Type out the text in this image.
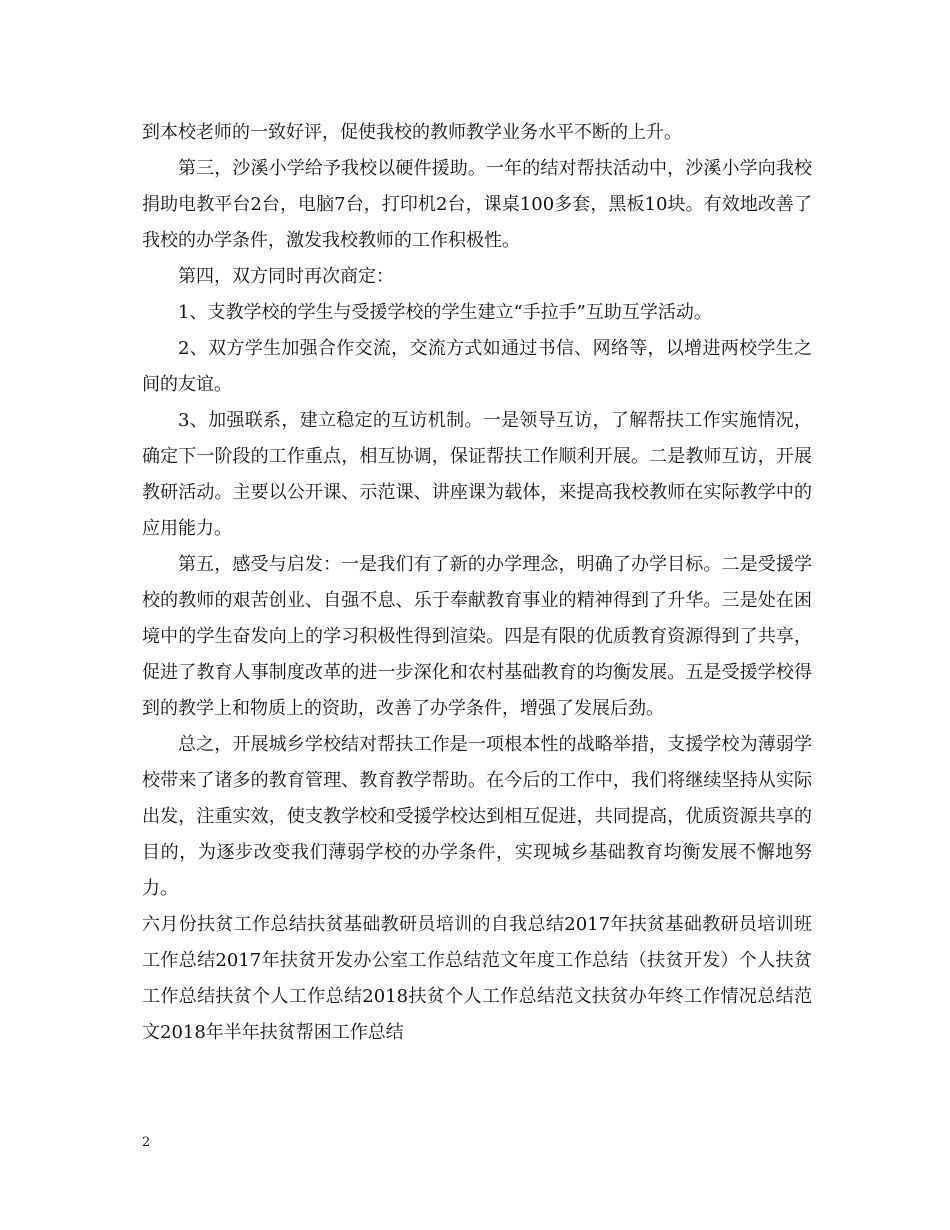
到本校老师的一致好评，促使我校的教师教学业务水平不断的上升。

第三，沙溪小学给予我校以硬件援助。一年的结对帮扶活动中，沙溪小学向我校捐助电教平台2台，电脑7台，打印机2台，课桌100多套，黑板10块。有效地改善了我校的办学条件，激发我校教师的工作积极性。

第四，双方同时再次商定：

1、支教学校的学生与受援学校的学生建立“手拉手”互助互学活动。

2、双方学生加强合作交流，交流方式如通过书信、网络等，以增进两校学生之间的友谊。

3、加强联系，建立稳定的互访机制。一是领导互访，了解帮扶工作实施情况，确定下一阶段的工作重点，相互协调，保证帮扶工作顺利开展。二是教师互访，开展教研活动。主要以公开课、示范课、讲座课为载体，来提高我校教师在实际教学中的应用能力。

第五，感受与启发：一是我们有了新的办学理念，明确了办学目标。二是受援学校的教师的艰苦创业、自强不息、乐于奉献教育事业的精神得到了升华。三是处在困境中的学生奋发向上的学习积极性得到渲染。四是有限的优质教育资源得到了共享，促进了教育人事制度改革的进一步深化和农村基础教育的均衡发展。五是受援学校得到的教学上和物质上的资助，改善了办学条件，增强了发展后劲。

总之，开展城乡学校结对帮扶工作是一项根本性的战略举措，支援学校为薄弱学校带来了诸多的教育管理、教育教学帮助。在今后的工作中，我们将继续坚持从实际出发，注重实效，使支教学校和受援学校达到相互促进，共同提高，优质资源共享的目的，为逐步改变我们薄弱学校的办学条件，实现城乡基础教育均衡发展不懈地努力。

六月份扶贫工作总结扶贫基础教研员培训的自我总结2017年扶贫基础教研员培训班工作总结2017年扶贫开发办公室工作总结范文年度工作总结（扶贫开发）个人扶贫工作总结扶贫个人工作总结2018扶贫个人工作总结范文扶贫办年终工作情况总结范文2018年半年扶贫帮困工作总结

2
